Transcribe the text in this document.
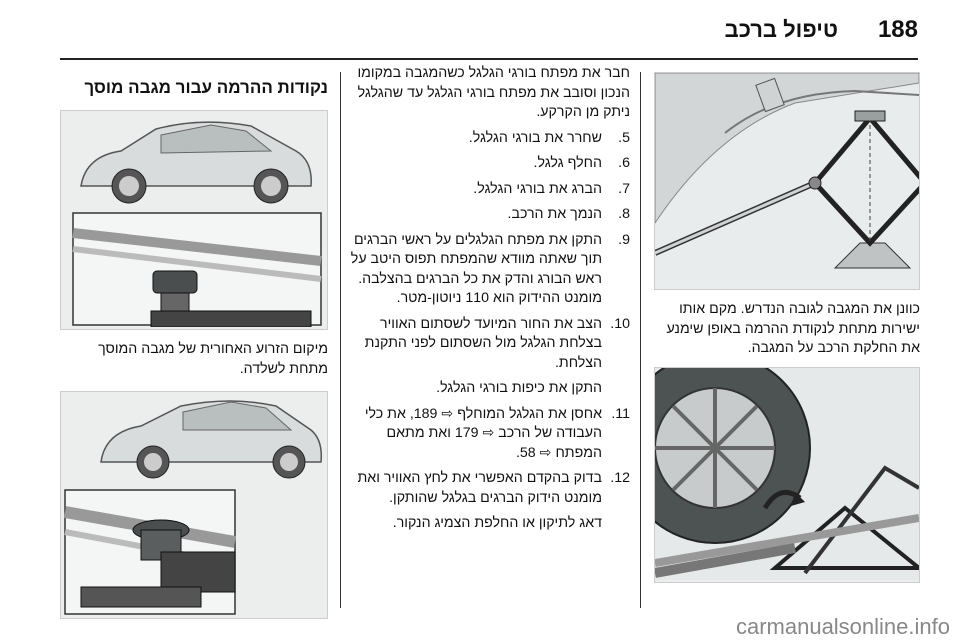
188
טיפול ברכב
כוונן את המגבה לגובה הנדרש. מקם אותו ישירות מתחת לנקודת ההרמה באופן שימנע את החלקת הרכב על המגבה.

חבר את מפתח בורגי הגלגל כשהמגבה במקומו הנכון וסובב את מפתח בורגי הגלגל עד שהגלגל ניתק מן הקרקע.

5.
שחרר את בורגי הגלגל.
6.
החלף גלגל.
7.
הברג את בורגי הגלגל.
8.
הנמך את הרכב.
9.
התקן את מפתח הגלגלים על ראשי הברגים תוך שאתה מוודא שהמפתח תפוס היטב על ראש הבורג והדק את כל הברגים בהצלבה. מומנט ההידוק הוא 110 ניוטון-מטר.
10.
הצב את החור המיועד לשסתום האוויר בצלחת הגלגל מול השסתום לפני התקנת הצלחת.
התקן את כיפות בורגי הגלגל.
11.
אחסן את הגלגל המוחלף ⇨ 189, את כלי העבודה של הרכב ⇨ 179 ואת מתאם המפתח ⇨ 58.
12.
בדוק בהקדם האפשרי את לחץ האוויר ואת מומנט הידוק הברגים בגלגל שהותקן.
דאג לתיקון או החלפת הצמיג הנקור.
נקודות ההרמה עבור מגבה מוסך
מיקום הזרוע האחורית של מגבה המוסך מתחת לשלדה.
carmanualsonline.info
